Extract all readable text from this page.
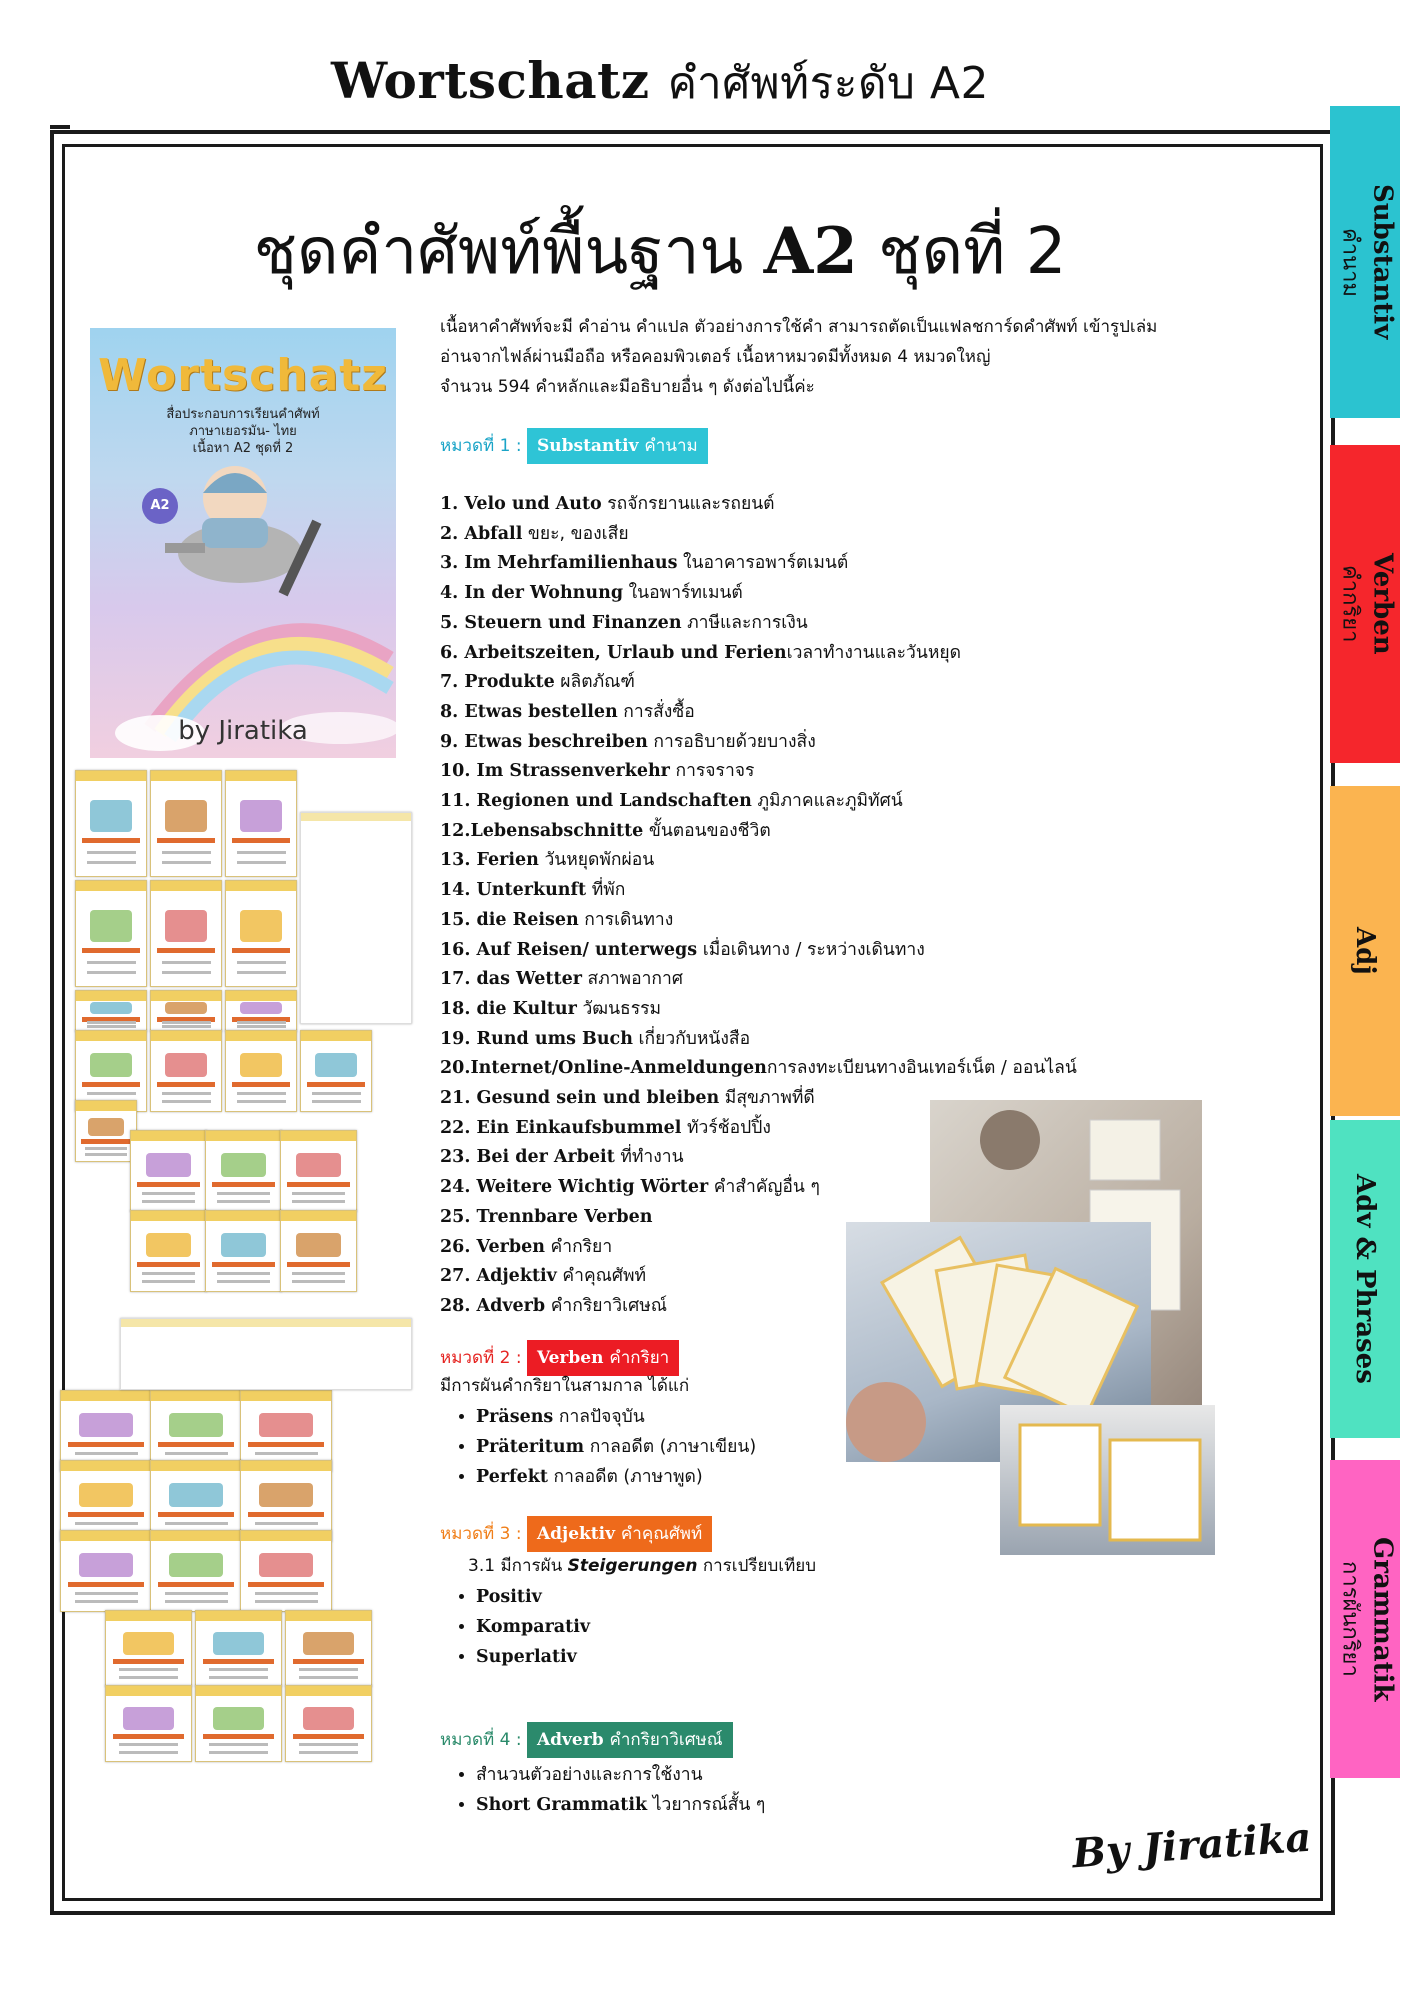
Wortschatz คำศัพท์ระดับ A2
ชุดคำศัพท์พื้นฐาน A2 ชุดที่ 2
เนื้อหาคำศัพท์จะมี คำอ่าน คำแปล ตัวอย่างการใช้คำ สามารถตัดเป็นแฟลชการ์ดคำศัพท์ เข้ารูปเล่ม
อ่านจากไฟล์ผ่านมือถือ หรือคอมพิวเตอร์ เนื้อหาหมวดมีทั้งหมด 4 หมวดใหญ่
จำนวน 594 คำหลักและมีอธิบายอื่น ๆ ดังต่อไปนี้ค่ะ
หมวดที่ 1 : Substantiv คำนาม
1. Velo und Auto รถจักรยานและรถยนต์
2. Abfall ขยะ, ของเสีย
3. Im Mehrfamilienhaus ในอาคารอพาร์ตเมนต์
4. In der Wohnung ในอพาร์ทเมนต์
5. Steuern und Finanzen ภาษีและการเงิน
6. Arbeitszeiten, Urlaub und Ferienเวลาทำงานและวันหยุด
7. Produkte ผลิตภัณฑ์
8. Etwas bestellen การสั่งซื้อ
9. Etwas beschreiben การอธิบายด้วยบางสิ่ง
10. Im Strassenverkehr การจราจร
11. Regionen und Landschaften ภูมิภาคและภูมิทัศน์
12.Lebensabschnitte ขั้นตอนของชีวิต
13. Ferien วันหยุดพักผ่อน
14. Unterkunft ที่พัก
15. die Reisen การเดินทาง
16. Auf Reisen/ unterwegs เมื่อเดินทาง / ระหว่างเดินทาง
17. das Wetter สภาพอากาศ
18. die Kultur วัฒนธรรม
19. Rund ums Buch เกี่ยวกับหนังสือ
20.Internet/Online-Anmeldungenการลงทะเบียนทางอินเทอร์เน็ต / ออนไลน์
21. Gesund sein und bleiben มีสุขภาพที่ดี
22. Ein Einkaufsbummel ทัวร์ช้อปปิ้ง
23. Bei der Arbeit ที่ทำงาน
24. Weitere Wichtig Wörter คำสำคัญอื่น ๆ
25. Trennbare Verben
26. Verben คำกริยา
27. Adjektiv คำคุณศัพท์
28. Adverb คำกริยาวิเศษณ์
หมวดที่ 2 : Verben คำกริยา
มีการผันคำกริยาในสามกาล ได้แก่
• Präsens กาลปัจจุบัน
• Präteritum กาลอดีต (ภาษาเขียน)
• Perfekt กาลอดีต (ภาษาพูด)
หมวดที่ 3 : Adjektiv คำคุณศัพท์
3.1 มีการผัน Steigerungen การเปรียบเทียบ
• Positiv
• Komparativ
• Superlativ
หมวดที่ 4 : Adverb คำกริยาวิเศษณ์
• สำนวนตัวอย่างและการใช้งาน
• Short Grammatik ไวยากรณ์สั้น ๆ
By Jiratika
Substantiv
คำนาม
Verben
คำกริยา
Adj

Adv & Phrases

Grammatik
การผันกริยา
Wortschatz
สื่อประกอบการเรียนคำศัพท์
ภาษาเยอรมัน- ไทย
เนื้อหา A2 ชุดที่ 2
A2
by Jiratika
